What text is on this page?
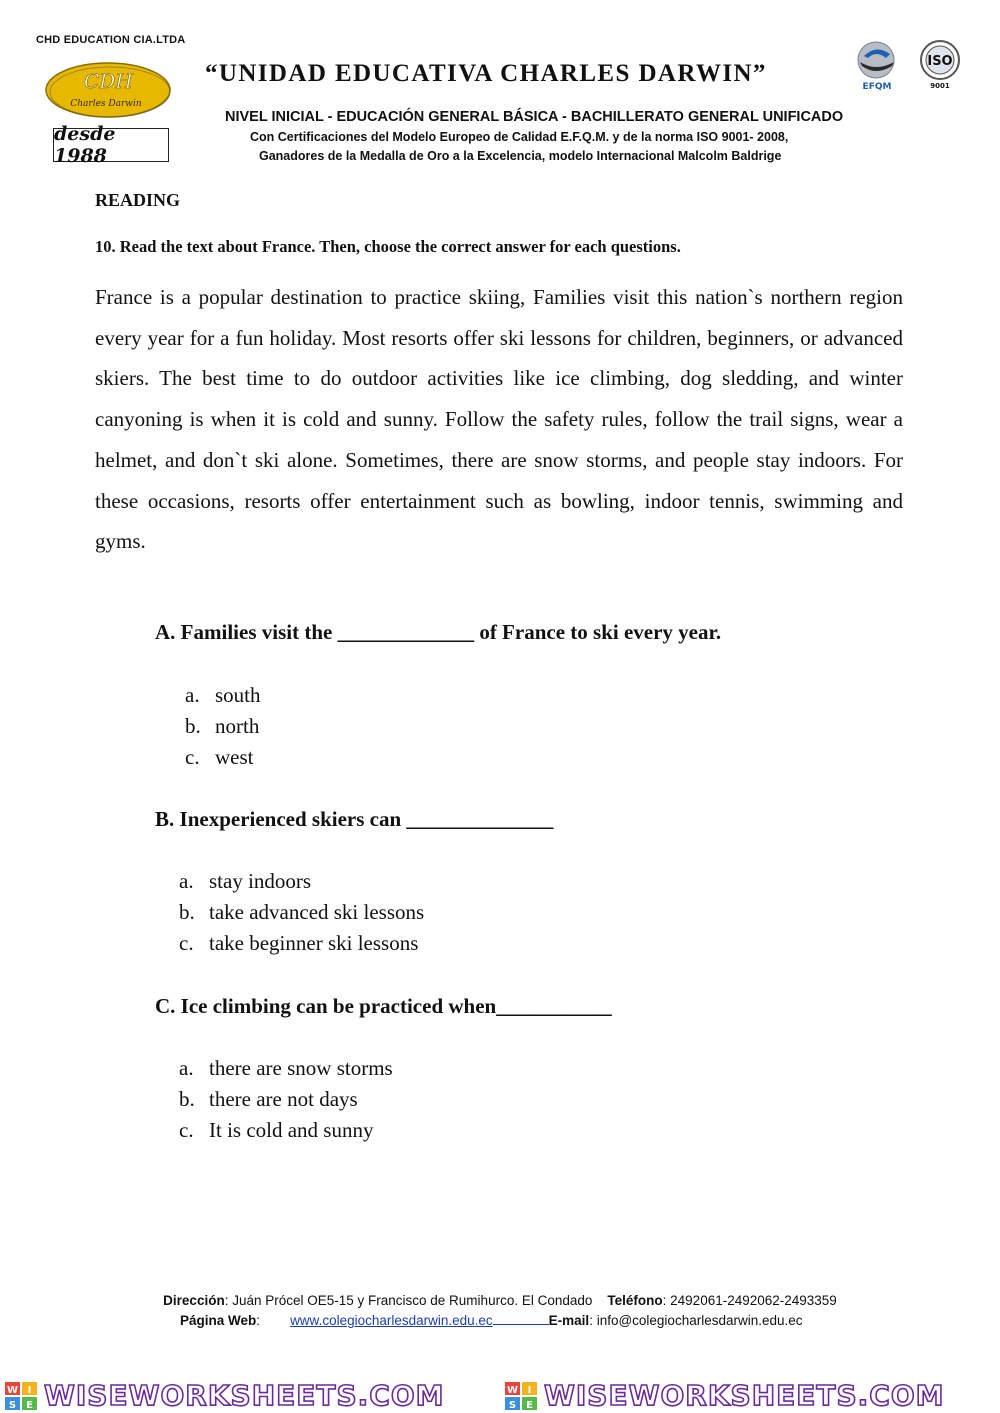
CHD EDUCATION CIA.LTDA
CDH
Charles Darwin
desde 1988
“UNIDAD EDUCATIVA CHARLES DARWIN”	EFQM
ISO
9001
NIVEL INICIAL - EDUCACIÓN GENERAL BÁSICA - BACHILLERATO GENERAL UNIFICADO
Con Certificaciones del Modelo Europeo de Calidad E.F.Q.M. y de la norma ISO 9001- 2008,
Ganadores de la Medalla de Oro a la Excelencia, modelo Internacional Malcolm Baldrige
READING
10. Read the text about France. Then, choose the correct answer for each questions.

France is a popular destination to practice skiing, Families visit this nation`s northern region every year for a fun holiday. Most resorts offer ski lessons for children, beginners, or advanced skiers. The best time to do outdoor activities like ice climbing, dog sledding, and winter canyoning is when it is cold and sunny. Follow the safety rules, follow the trail signs, wear a helmet, and don`t ski alone. Sometimes, there are snow storms, and people stay indoors. For these occasions, resorts offer entertainment such as bowling, indoor tennis, swimming and gyms.

A. Families visit the _____________ of France to ski every year.
a. south
b. north
c. west
B. Inexperienced skiers can ______________
a. stay indoors
b. take advanced ski lessons
c. take beginner ski lessons
C. Ice climbing can be practiced when___________
a. there are snow storms
b. there are not days
c. It is cold and sunny
Dirección: Juán Prócel OE5-15 y Francisco de Rumihurco. El Condado Teléfono: 2492061-2492062-2493359
Página Web: www.colegiocharlesdarwin.edu.ec	E-mail: info@colegiocharlesdarwin.edu.ec
W I
S E WISEWORKSHEETS.COM	W I
S E WISEWORKSHEETS.COM
